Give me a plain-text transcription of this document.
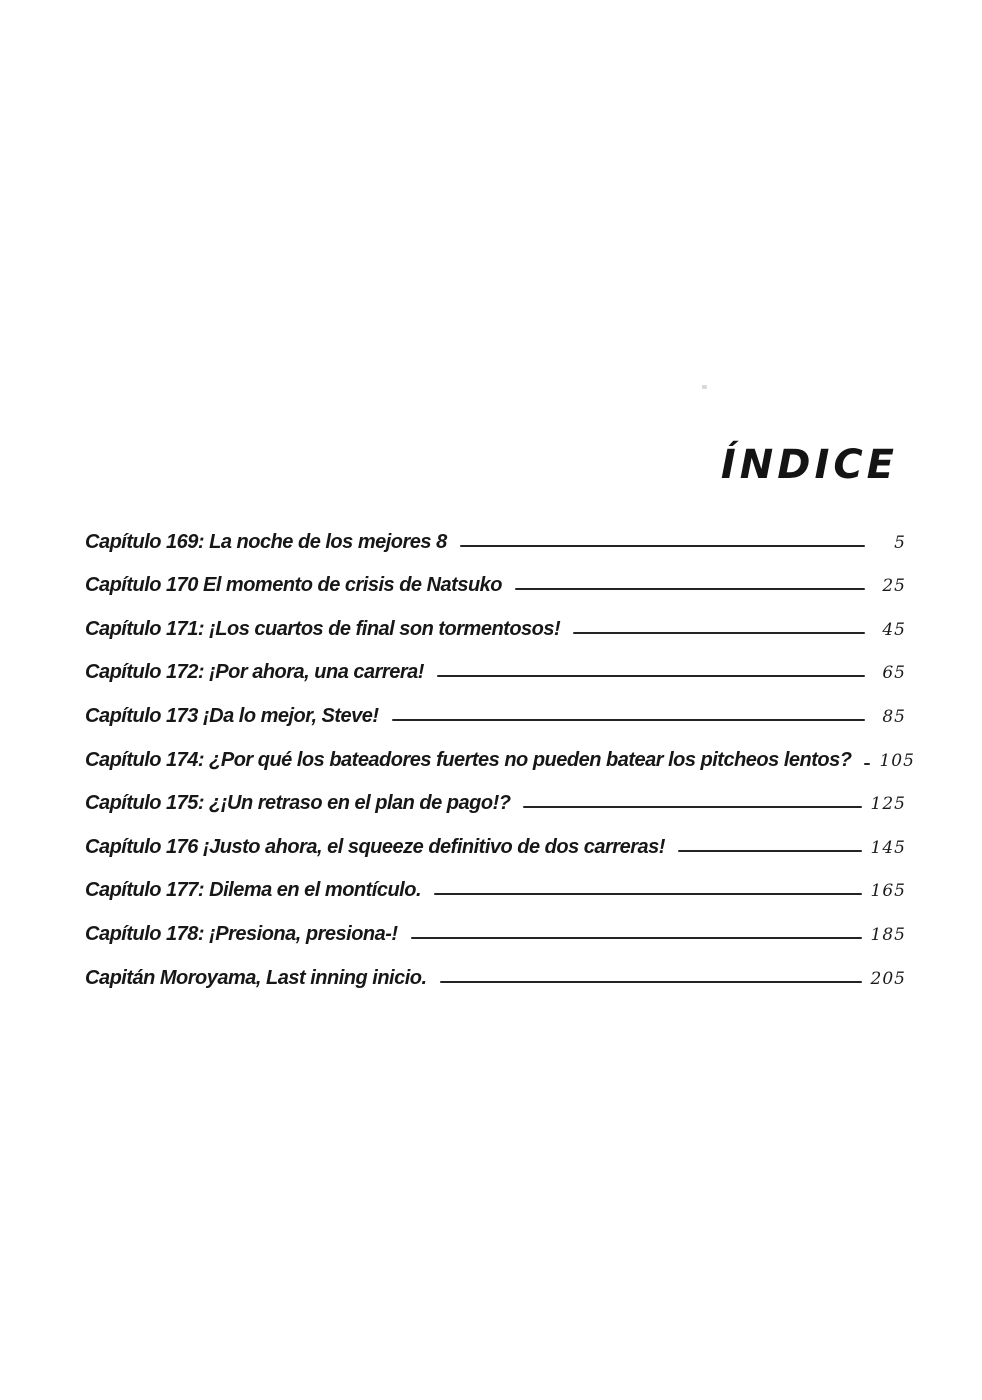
ÍNDICE
Capítulo 169: La noche de los mejores 8	5
Capítulo 170 El momento de crisis de Natsuko	25
Capítulo 171: ¡Los cuartos de final son tormentosos!	45
Capítulo 172: ¡Por ahora, una carrera!	65
Capítulo 173 ¡Da lo mejor, Steve!	85
Capítulo 174: ¿Por qué los bateadores fuertes no pueden batear los pitcheos lentos? 105
Capítulo 175: ¿¡Un retraso en el plan de pago!?	125
Capítulo 176 ¡Justo ahora, el squeeze definitivo de dos carreras!	145
Capítulo 177: Dilema en el montículo.	165
Capítulo 178: ¡Presiona, presiona-!	185
Capitán Moroyama, Last inning inicio.	205
